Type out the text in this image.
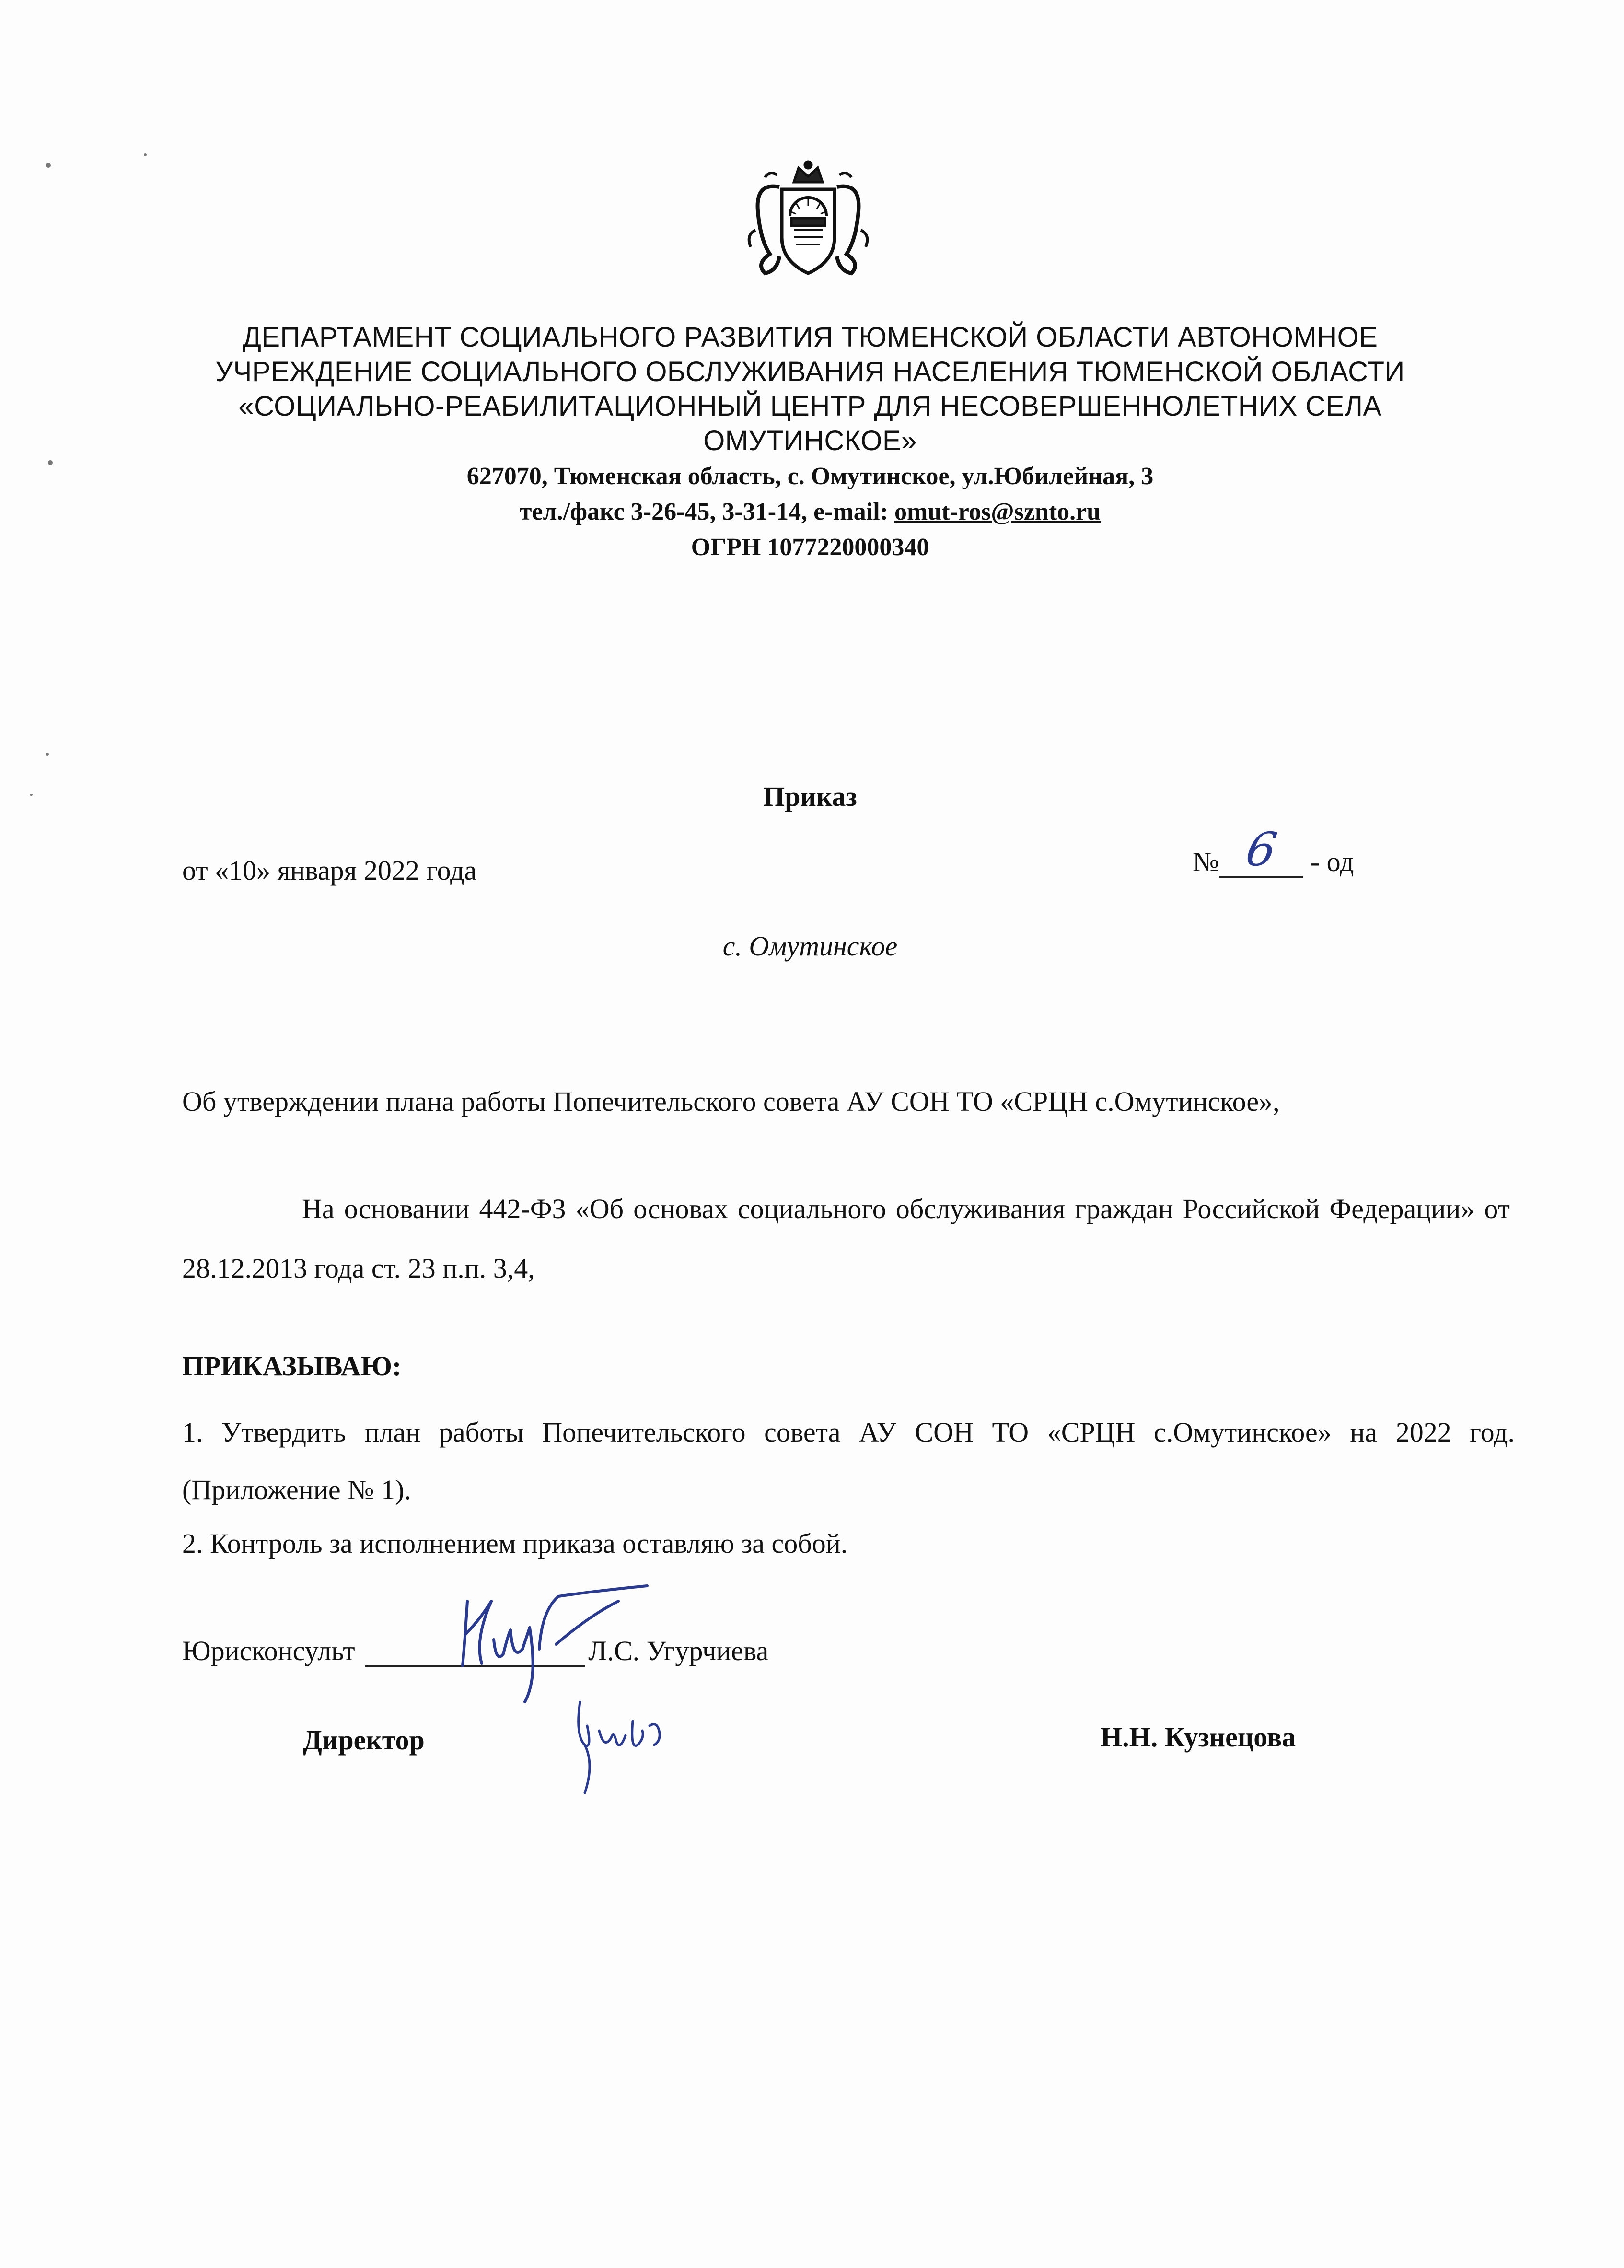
ДЕПАРТАМЕНТ СОЦИАЛЬНОГО РАЗВИТИЯ ТЮМЕНСКОЙ ОБЛАСТИ АВТОНОМНОЕ
УЧРЕЖДЕНИЕ СОЦИАЛЬНОГО ОБСЛУЖИВАНИЯ НАСЕЛЕНИЯ ТЮМЕНСКОЙ ОБЛАСТИ
«СОЦИАЛЬНО-РЕАБИЛИТАЦИОННЫЙ ЦЕНТР ДЛЯ НЕСОВЕРШЕННОЛЕТНИХ СЕЛА
ОМУТИНСКОЕ»
627070, Тюменская область, с. Омутинское, ул.Юбилейная, 3
тел./факс 3-26-45, 3-31-14, e-mail: omut-ros@sznto.ru
ОГРН 1077220000340
Приказ
от «10» января 2022 года	№ 6 - од
с. Омутинское
Об утверждении плана работы Попечительского совета АУ СОН ТО «СРЦН с.Омутинское»,
На основании 442-ФЗ «Об основах социального обслуживания граждан Российской Федерации» от 28.12.2013 года ст. 23 п.п. 3,4,
ПРИКАЗЫВАЮ:
1. Утвердить план работы Попечительского совета АУ СОН ТО «СРЦН с.Омутинское» на 2022 год. (Приложение № 1).
2. Контроль за исполнением приказа оставляю за собой.
Юрисконсульт	Л.С. Угурчиева
Директор	Н.Н. Кузнецова
